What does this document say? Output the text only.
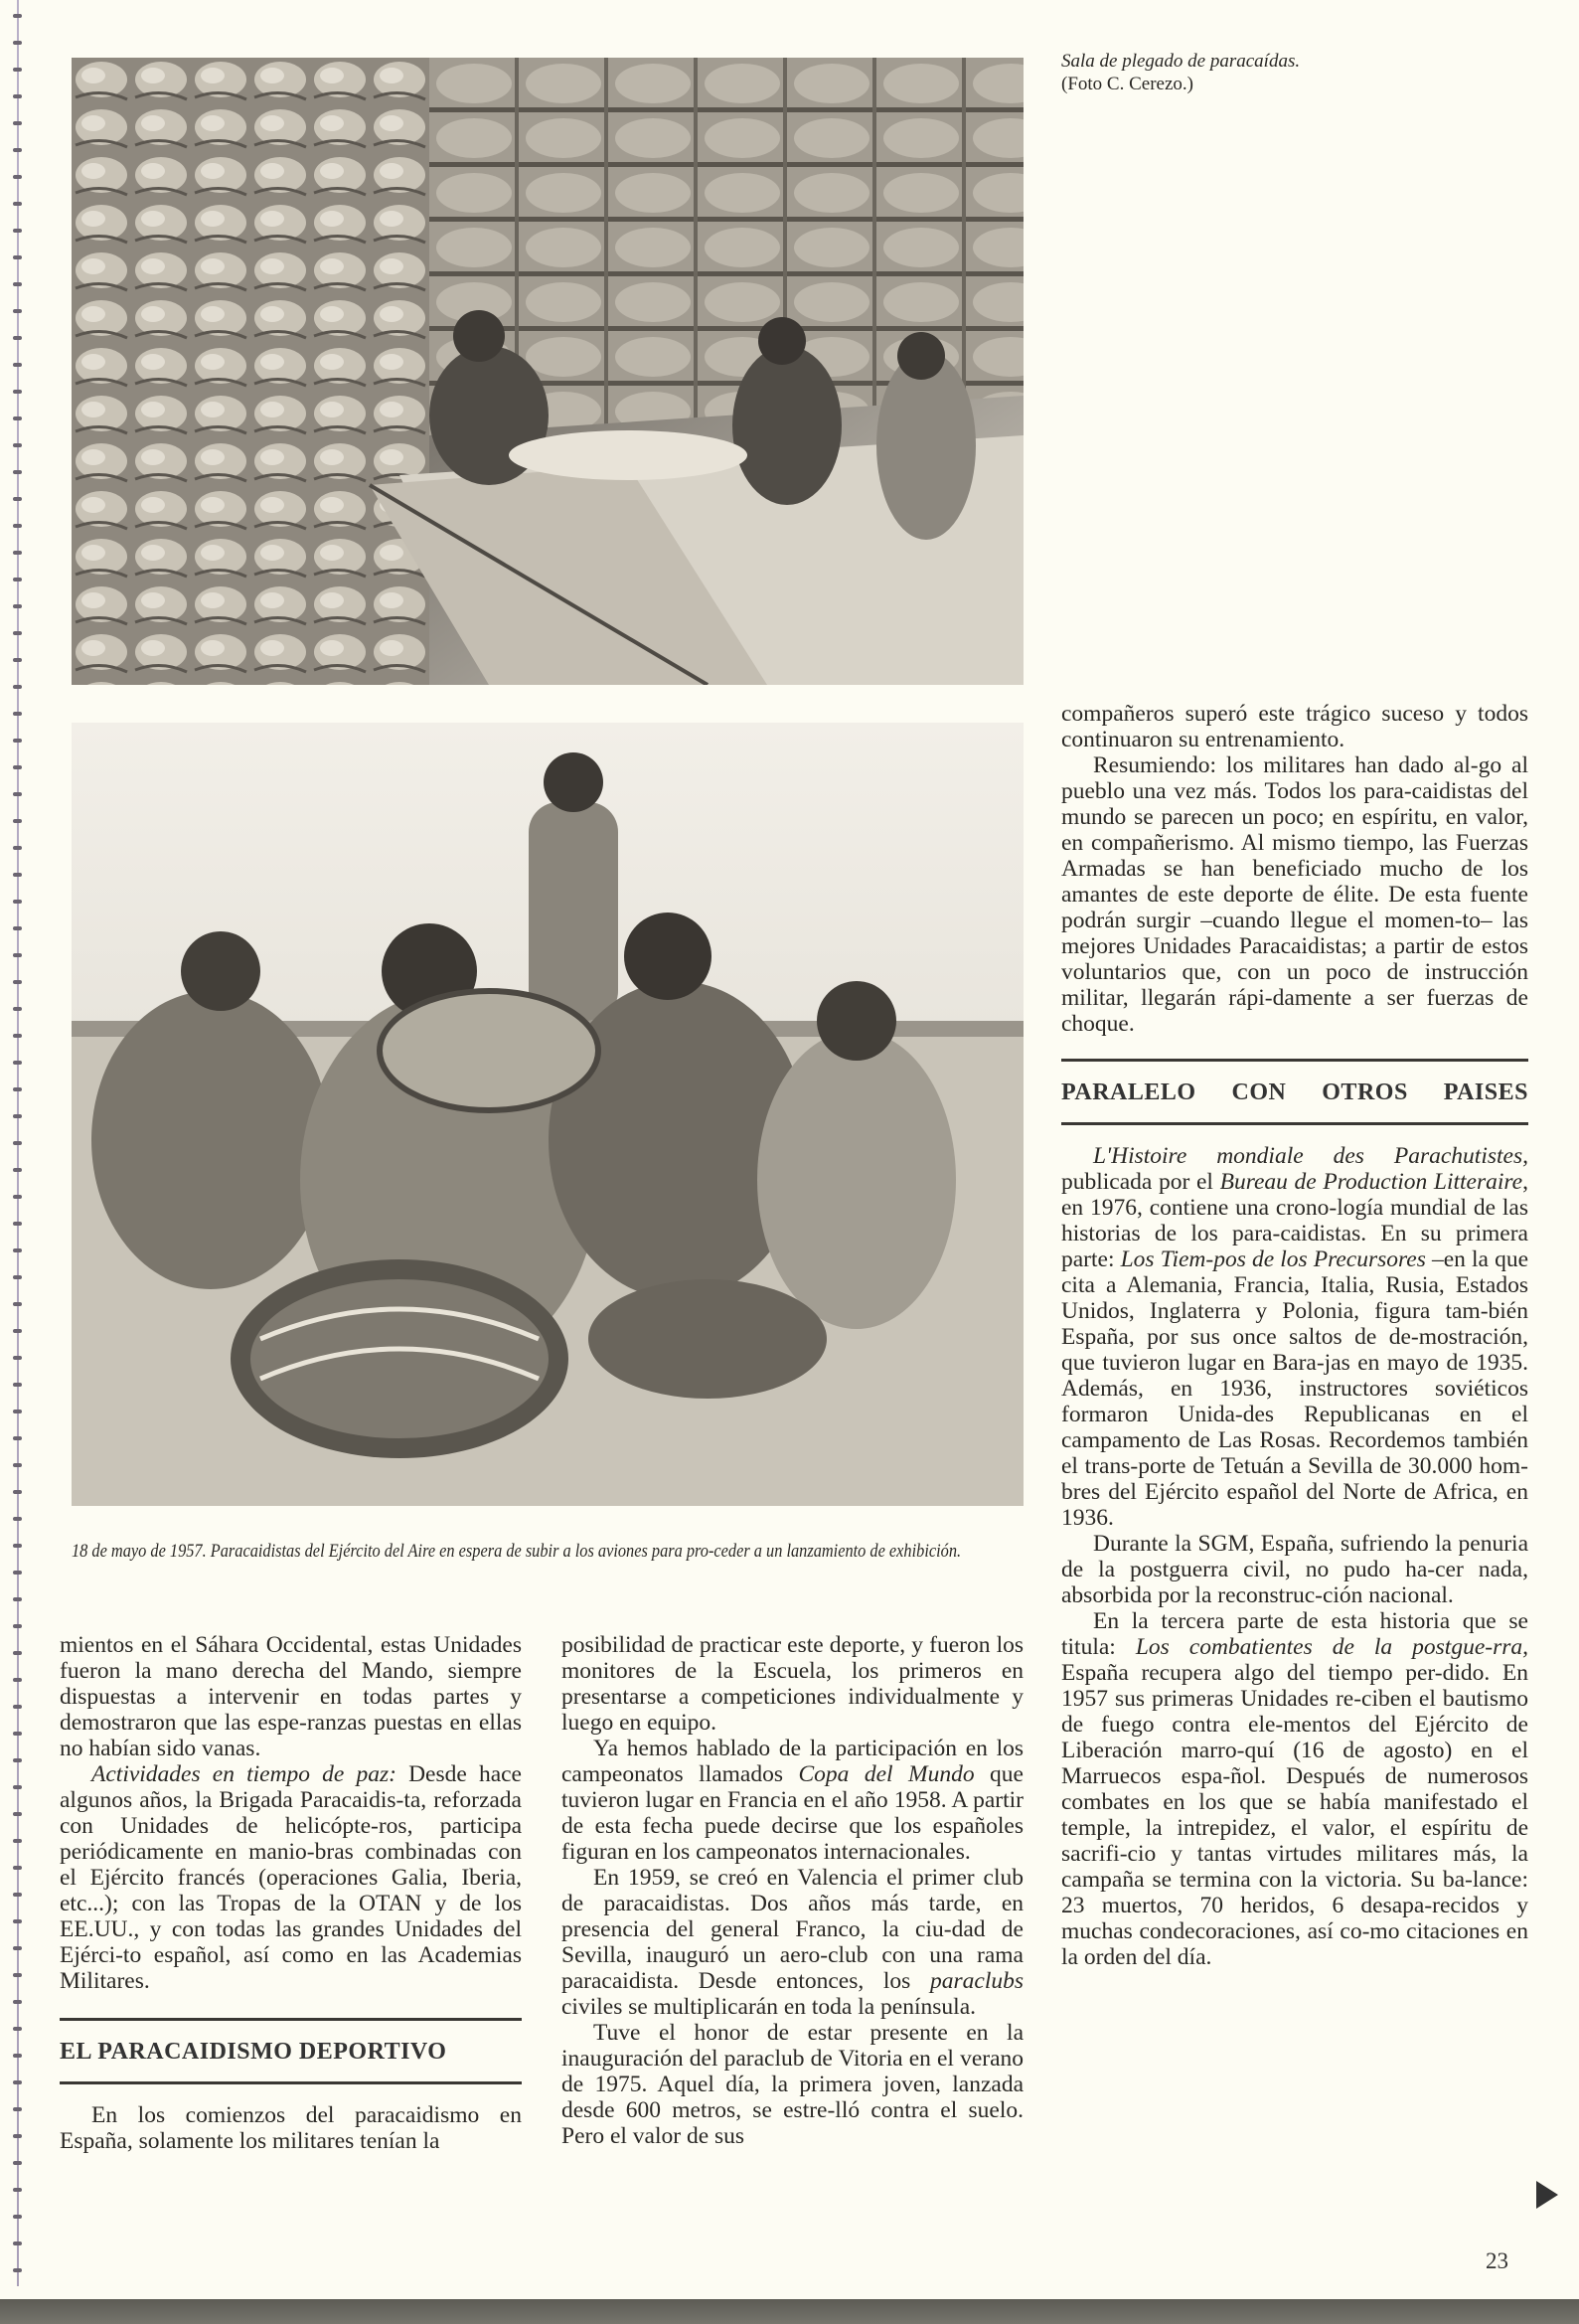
Sala de plegado de paracaídas.
(Foto C. Cerezo.)
18 de mayo de 1957. Paracaidistas del Ejército del Aire en espera de subir a los aviones para pro-ceder a un lanzamiento de exhibición.

mientos en el Sáhara Occidental, estas Unidades fueron la mano derecha del Mando, siempre dispuestas a intervenir en todas partes y demostraron que las espe-ranzas puestas en ellas no habían sido vanas.

Actividades en tiempo de paz: Desde hace algunos años, la Brigada Paracaidis-ta, reforzada con Unidades de helicópte-ros, participa periódicamente en manio-bras combinadas con el Ejército francés (operaciones Galia, Iberia, etc...); con las Tropas de la OTAN y de los EE.UU., y con todas las grandes Unidades del Ejérci-to español, así como en las Academias Militares.

EL PARACAIDISMO DEPORTIVO

En los comienzos del paracaidismo en España, solamente los militares tenían la

posibilidad de practicar este deporte, y fueron los monitores de la Escuela, los primeros en presentarse a competiciones individualmente y luego en equipo.

Ya hemos hablado de la participación en los campeonatos llamados Copa del Mundo que tuvieron lugar en Francia en el año 1958. A partir de esta fecha puede decirse que los españoles figuran en los campeonatos internacionales.

En 1959, se creó en Valencia el primer club de paracaidistas. Dos años más tarde, en presencia del general Franco, la ciu-dad de Sevilla, inauguró un aero-club con una rama paracaidista. Desde entonces, los paraclubs civiles se multiplicarán en toda la península.

Tuve el honor de estar presente en la inauguración del paraclub de Vitoria en el verano de 1975. Aquel día, la primera joven, lanzada desde 600 metros, se estre-lló contra el suelo. Pero el valor de sus

compañeros superó este trágico suceso y todos continuaron su entrenamiento.

Resumiendo: los militares han dado al-go al pueblo una vez más. Todos los para-caidistas del mundo se parecen un poco; en espíritu, en valor, en compañerismo. Al mismo tiempo, las Fuerzas Armadas se han beneficiado mucho de los amantes de este deporte de élite. De esta fuente podrán surgir –cuando llegue el momen-to– las mejores Unidades Paracaidistas; a partir de estos voluntarios que, con un poco de instrucción militar, llegarán rápi-damente a ser fuerzas de choque.

PARALELO CON OTROS PAISES

L'Histoire mondiale des Parachutistes, publicada por el Bureau de Production Litteraire, en 1976, contiene una crono-logía mundial de las historias de los para-caidistas. En su primera parte: Los Tiem-pos de los Precursores –en la que cita a Alemania, Francia, Italia, Rusia, Estados Unidos, Inglaterra y Polonia, figura tam-bién España, por sus once saltos de de-mostración, que tuvieron lugar en Bara-jas en mayo de 1935. Además, en 1936, instructores soviéticos formaron Unida-des Republicanas en el campamento de Las Rosas. Recordemos también el trans-porte de Tetuán a Sevilla de 30.000 hom-bres del Ejército español del Norte de Africa, en 1936.

Durante la SGM, España, sufriendo la penuria de la postguerra civil, no pudo ha-cer nada, absorbida por la reconstruc-ción nacional.

En la tercera parte de esta historia que se titula: Los combatientes de la postgue-rra, España recupera algo del tiempo per-dido. En 1957 sus primeras Unidades re-ciben el bautismo de fuego contra ele-mentos del Ejército de Liberación marro-quí (16 de agosto) en el Marruecos espa-ñol. Después de numerosos combates en los que se había manifestado el temple, la intrepidez, el valor, el espíritu de sacrifi-cio y tantas virtudes militares más, la campaña se termina con la victoria. Su ba-lance: 23 muertos, 70 heridos, 6 desapa-recidos y muchas condecoraciones, así co-mo citaciones en la orden del día.

23
